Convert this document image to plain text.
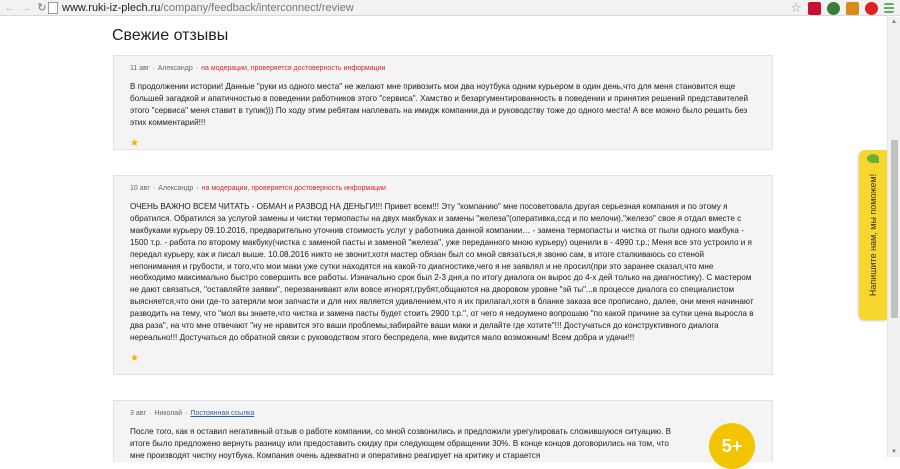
← → ↻	www.ruki-iz-plech.ru /company/feedback/interconnect/review	☆
Свежие отзывы
11 авг · Александр · на модерации, проверяется достоверность информации
В продолжении истории! Данные "руки из одного места" не желают мне привозить мои два ноутбука одним курьером в один день,что для меня становится еще большей загадкой и апатичностью в поведении работников этого "сервиса". Хамство и безаргументированность в поведении и принятия решений представителей этого "сервиса" меня ставит в тупик))) По ходу этим ребятам наплевать на имидж компании,да и руководству тоже до одного места! А все можно было решить без этих комментарий!!!
★
10 авг · Александр · на модерации, проверяется достоверность информации
ОЧЕНЬ ВАЖНО ВСЕМ ЧИТАТЬ - ОБМАН и РАЗВОД НА ДЕНЬГИ!!! Привет всем!!! Эту "компанию" мне посоветовала другая серьезная компания и по этому я обратился. Обратился за услугой замены и чистки термопасты на двух макбуках и замены "железа"(оперативка,ссд и по мелочи),"железо" свое я отдал вместе с макбуками курьеру 09.10.2016, предварительно уточнив стоимость услуг у работника данной компании… - замена термопасты и чистка от пыли одного макбука - 1500 т.р. - работа по второму макбуку(чистка с заменой пасты и заменой "железа", уже переданного мною курьеру) оценили в - 4990 т.р.; Меня все это устроило и я передал курьеру, как и писал выше. 10.08.2016 никто не звонит,хотя мастер обязан был со мной связаться,я звоню сам, в итоге сталкиваюсь со стеной непонимания и грубости, и того,что мои маки уже сутки находятся на какой-то диагностике,чего я не заявлял и не просил(при это заранее сказал,что мне необходимо максимально быстро совершить все работы. Изначально срок был 2-3 дня,а по итогу диалога он вырос до 4-х дей только на диагностику). С мастером не дают связаться, "оставляйте заявки", перезванивают или вовсе игнорят,грубят,общаются на дворовом уровне "эй ты"...в процессе диалога со специалистом выясняется,что они где-то затеряли мои запчасти и для них является удивлением,что я их прилагал,хотя в бланке заказа все прописано, далее, они меня начинают разводить на тему, что "мол вы знаете,что чистка и замена пасты будет стоить 2900 т.р.", от чего я недоумено вопрошаю "по какой причине за сутки цена выросла в два раза", на что мне отвечают "ну не нравится это ваши проблемы,забирайте ваши маки и делайте где хотите"!!! Достучаться до конструктивного диалога нереально!!! Достучаться до обратной связи с руководством этого беспредела, мне видится мало возможным! Всем добра и удачи!!!
★
3 авг · Николай · Постоянная ссылка
После того, как я оставил негативный отзыв о работе компании, со мной созвонились и предложили урегулировать сложившуюся ситуацию. В итоге было предложено вернуть разницу или предоставить скидку при следующем обращении 30%. В конце концов договорились на том, что мне производят чистку ноутбука. Компания очень адекватно и оперативно реагирует на критику и старается	5+
Напишите нам, мы поможем!
▲
▼
